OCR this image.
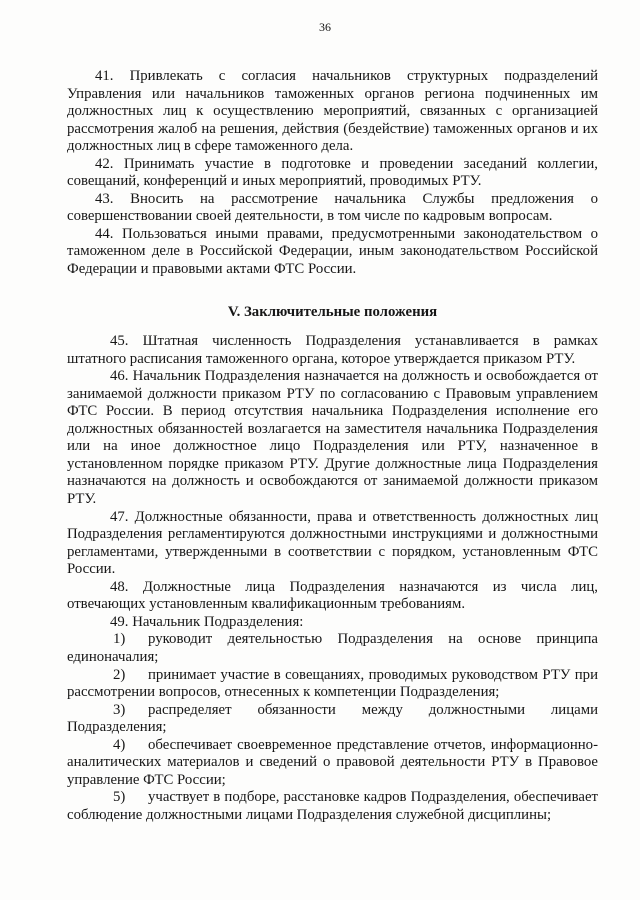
36

41. Привлекать с согласия начальников структурных подразделений Управления или начальников таможенных органов региона подчиненных им должностных лиц к осуществлению мероприятий, связанных с организацией рассмотрения жалоб на решения, действия (бездействие) таможенных органов и их должностных лиц в сфере таможенного дела.

42. Принимать участие в подготовке и проведении заседаний коллегии, совещаний, конференций и иных мероприятий, проводимых РТУ.

43. Вносить на рассмотрение начальника Службы предложения о совершенствовании своей деятельности, в том числе по кадровым вопросам.

44. Пользоваться иными правами, предусмотренными законодательством о таможенном деле в Российской Федерации, иным законодательством Российской Федерации и правовыми актами ФТС России.

V. Заключительные положения

45. Штатная численность Подразделения устанавливается в рамках штатного расписания таможенного органа, которое утверждается приказом РТУ.

46. Начальник Подразделения назначается на должность и освобождается от занимаемой должности приказом РТУ по согласованию с Правовым управлением ФТС России. В период отсутствия начальника Подразделения исполнение его должностных обязанностей возлагается на заместителя начальника Подразделения или на иное должностное лицо Подразделения или РТУ, назначенное в установленном порядке приказом РТУ. Другие должностные лица Подразделения назначаются на должность и освобождаются от занимаемой должности приказом РТУ.

47. Должностные обязанности, права и ответственность должностных лиц Подразделения регламентируются должностными инструкциями и должностными регламентами, утвержденными в соответствии с порядком, установленным ФТС России.

48. Должностные лица Подразделения назначаются из числа лиц, отвечающих установленным квалификационным требованиям.

49. Начальник Подразделения:

1) руководит деятельностью Подразделения на основе принципа единоначалия;

2) принимает участие в совещаниях, проводимых руководством РТУ при рассмотрении вопросов, отнесенных к компетенции Подразделения;

3) распределяет обязанности между должностными лицами Подразделения;

4) обеспечивает своевременное представление отчетов, информационно-аналитических материалов и сведений о правовой деятельности РТУ в Правовое управление ФТС России;

5) участвует в подборе, расстановке кадров Подразделения, обеспечивает соблюдение должностными лицами Подразделения служебной дисциплины;
